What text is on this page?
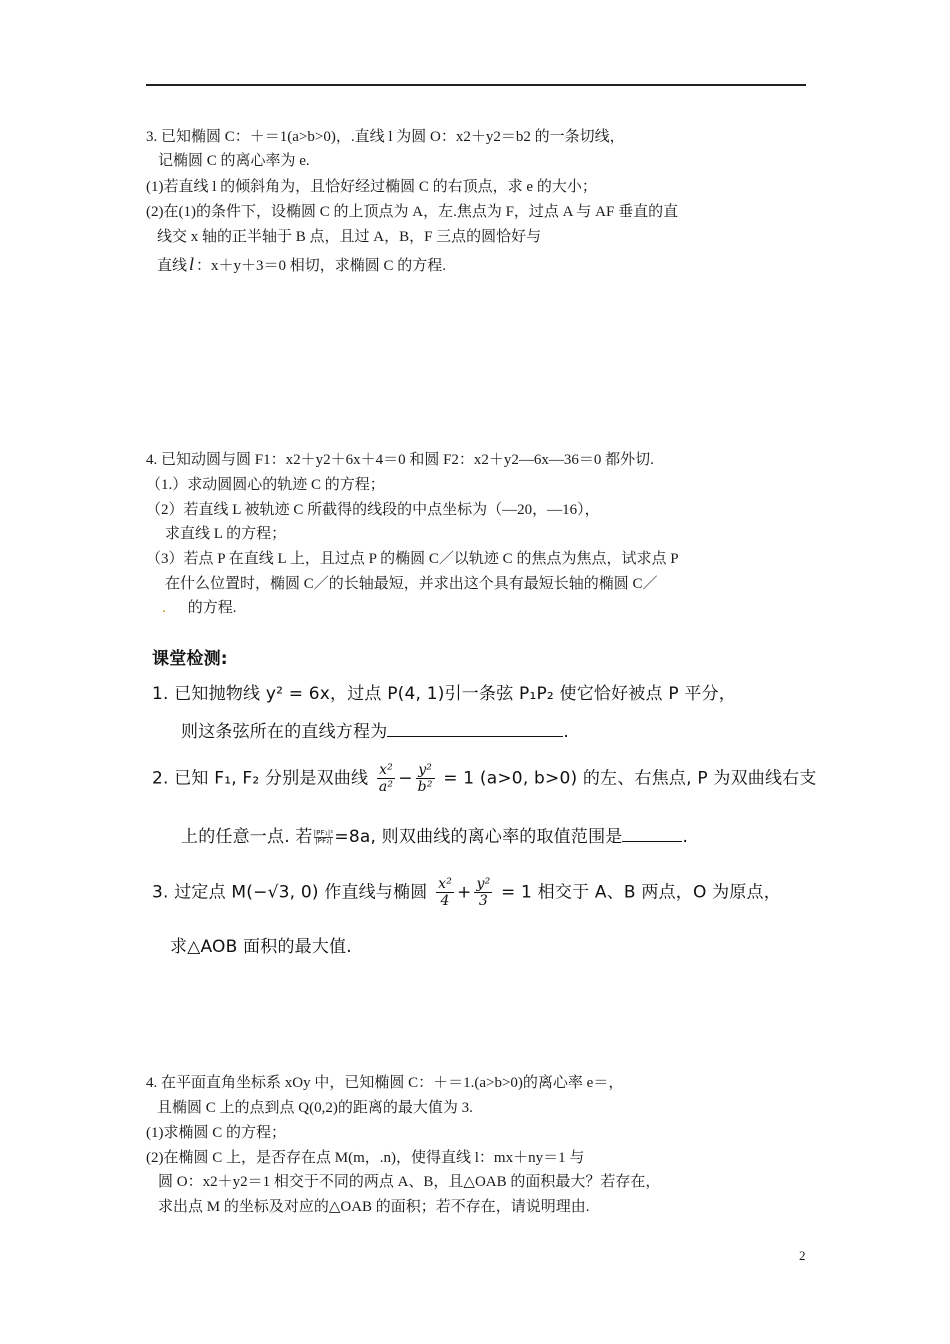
3. 已知椭圆 C：＋＝1(a>b>0)，.直线 l 为圆 O：x2＋y2＝b2 的一条切线，
记椭圆 C 的离心率为 e.
(1)若直线 l 的倾斜角为，且恰好经过椭圆 C 的右顶点，求 e 的大小；
(2)在(1)的条件下，设椭圆 C 的上顶点为 A，左.焦点为 F，过点 A 与 AF 垂直的直
线交 x 轴的正半轴于 B 点，且过 A，B，F 三点的圆恰好与
直线 l ：x＋y＋3＝0 相切，求椭圆 C 的方程.
4. 已知动圆与圆 F1：x2＋y2＋6x＋4＝0 和圆 F2：x2＋y2—6x—36＝0 都外切.
（1.）求动圆圆心的轨迹 C 的方程；
（2）若直线 L 被轨迹 C 所截得的线段的中点坐标为（—20，—16），
求直线 L 的方程；
（3）若点 P 在直线 L 上，且过点 P 的椭圆 C／以轨迹 C 的焦点为焦点，试求点 P
在什么位置时，椭圆 C／的长轴最短，并求出这个具有最短长轴的椭圆 C／
. 的方程.
课堂检测:
1. 已知抛物线 y² = 6x，过点 P(4, 1)引一条弦 P₁P₂ 使它恰好被点 P 平分，
则这条弦所在的直线方程为	.
2. 已知 F₁, F₂ 分别是双曲线 $\frac{\text{x²}}{\text{a²}} - \frac{\text{y²}}{\text{b²}} = 1$ (a>0, b>0) 的左、右焦点, P 为双曲线右支
上的任意一点. 若 $\frac{\text{|PF₁|²}}{\text{|PF₂|}} =8a$, 则双曲线的离心率的取值范围是	.
3. 过定点 M(−√3, 0) 作直线与椭圆 $\frac{\text{x²}}{4} + \frac{\text{y²}}{3} = 1$ 相交于 A、B 两点，O 为原点，
求△AOB 面积的最大值.
4. 在平面直角坐标系 xOy 中，已知椭圆 C：＋＝1.(a>b>0)的离心率 e＝，
且椭圆 C 上的点到点 Q(0,2)的距离的最大值为 3.
(1)求椭圆 C 的方程；
(2)在椭圆 C 上，是否存在点 M(m，.n)，使得直线 l：mx＋ny＝1 与
圆 O：x2＋y2＝1 相交于不同的两点 A、B，且△OAB 的面积最大？若存在，
求出点 M 的坐标及对应的△OAB 的面积；若不存在，请说明理由.
2
